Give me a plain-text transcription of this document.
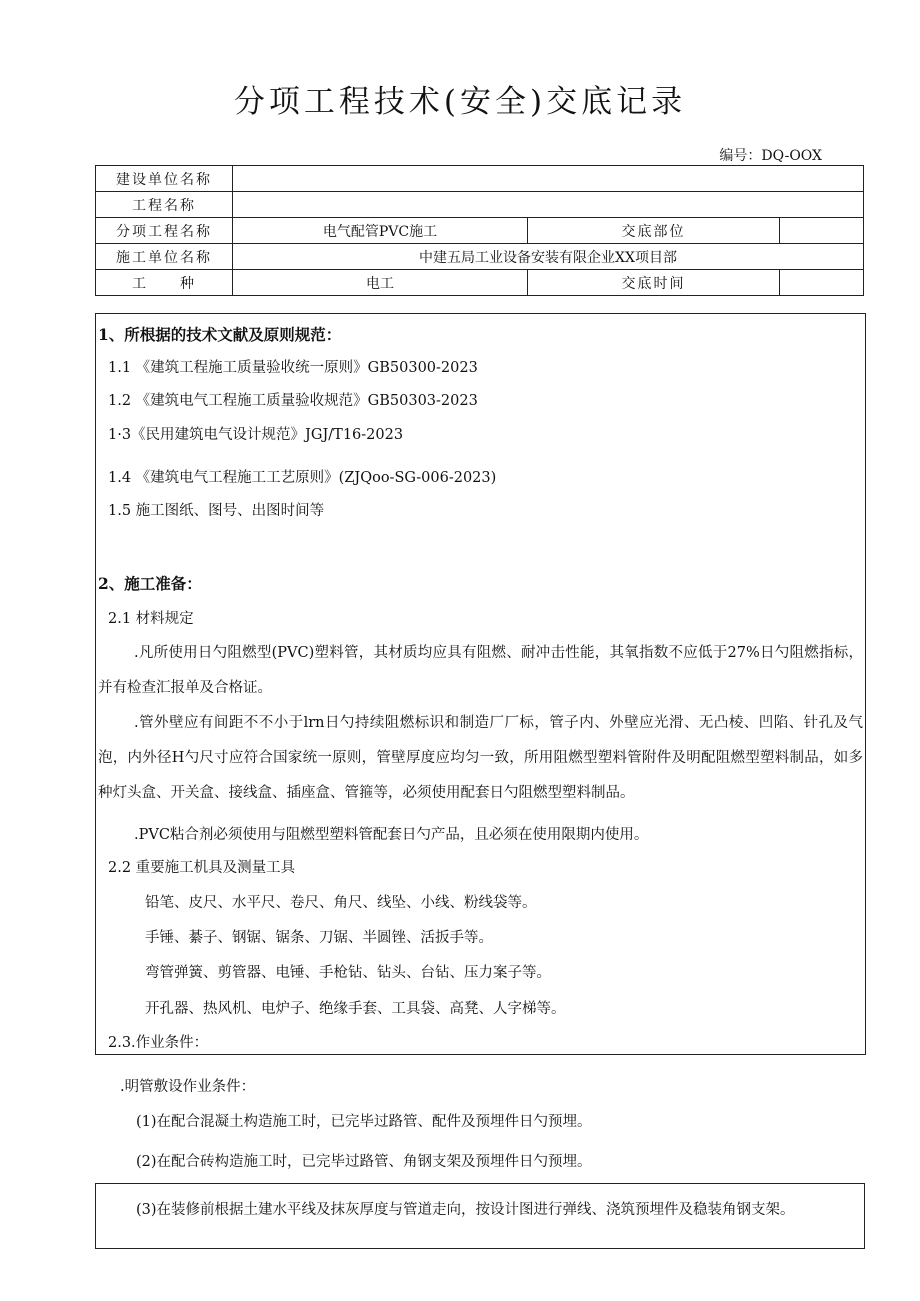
分项工程技术(安全)交底记录
编号：DQ-OOX
建设单位名称			
工程名称			
分项工程名称	电气配管PVC施工	交底部位	
施工单位名称	中建五局工业设备安装有限企业XX项目部		
工　　种	电工	交底时间	
1、所根据的技术文献及原则规范：
1.1 《建筑工程施工质量验收统一原则》GB50300-2023
1.2 《建筑电气工程施工质量验收规范》GB50303-2023
1·3《民用建筑电气设计规范》JGJ/T16-2023
1.4 《建筑电气工程施工工艺原则》(ZJQoo-SG-006-2023)
1.5 施工图纸、图号、出图时间等
2、施工准备：
2.1 材料规定
.凡所使用日勺阻燃型(PVC)塑料管，其材质均应具有阻燃、耐冲击性能，其氧指数不应低于27%日勺阻燃指标，并有检查汇报单及合格证。
.管外壁应有间距不不小于lrn日勺持续阻燃标识和制造厂厂标，管子内、外壁应光滑、无凸棱、凹陷、针孔及气泡，内外径H勺尺寸应符合国家统一原则，管壁厚度应均匀一致，所用阻燃型塑料管附件及明配阻燃型塑料制品，如多种灯头盒、开关盒、接线盒、插座盒、管箍等，必须使用配套日勺阻燃型塑料制品。
.PVC粘合剂必须使用与阻燃型塑料管配套日勺产品，且必须在使用限期内使用。
2.2 重要施工机具及测量工具
铅笔、皮尺、水平尺、卷尺、角尺、线坠、小线、粉线袋等。
手锤、綦子、钢锯、锯条、刀锯、半圆锉、活扳手等。
弯管弹簧、剪管器、电锤、手枪钻、钻头、台钻、压力案子等。
开孔器、热风机、电炉子、绝缘手套、工具袋、高凳、人字梯等。
2.3.作业条件：
.明管敷设作业条件：
(1)在配合混凝土构造施工时，已完毕过路管、配件及预埋件日勺预埋。
(2)在配合砖构造施工时，已完毕过路管、角钢支架及预埋件日勺预埋。
(3)在装修前根据土建水平线及抹灰厚度与管道走向，按设计图进行弹线、浇筑预埋件及稳装角钢支架。
